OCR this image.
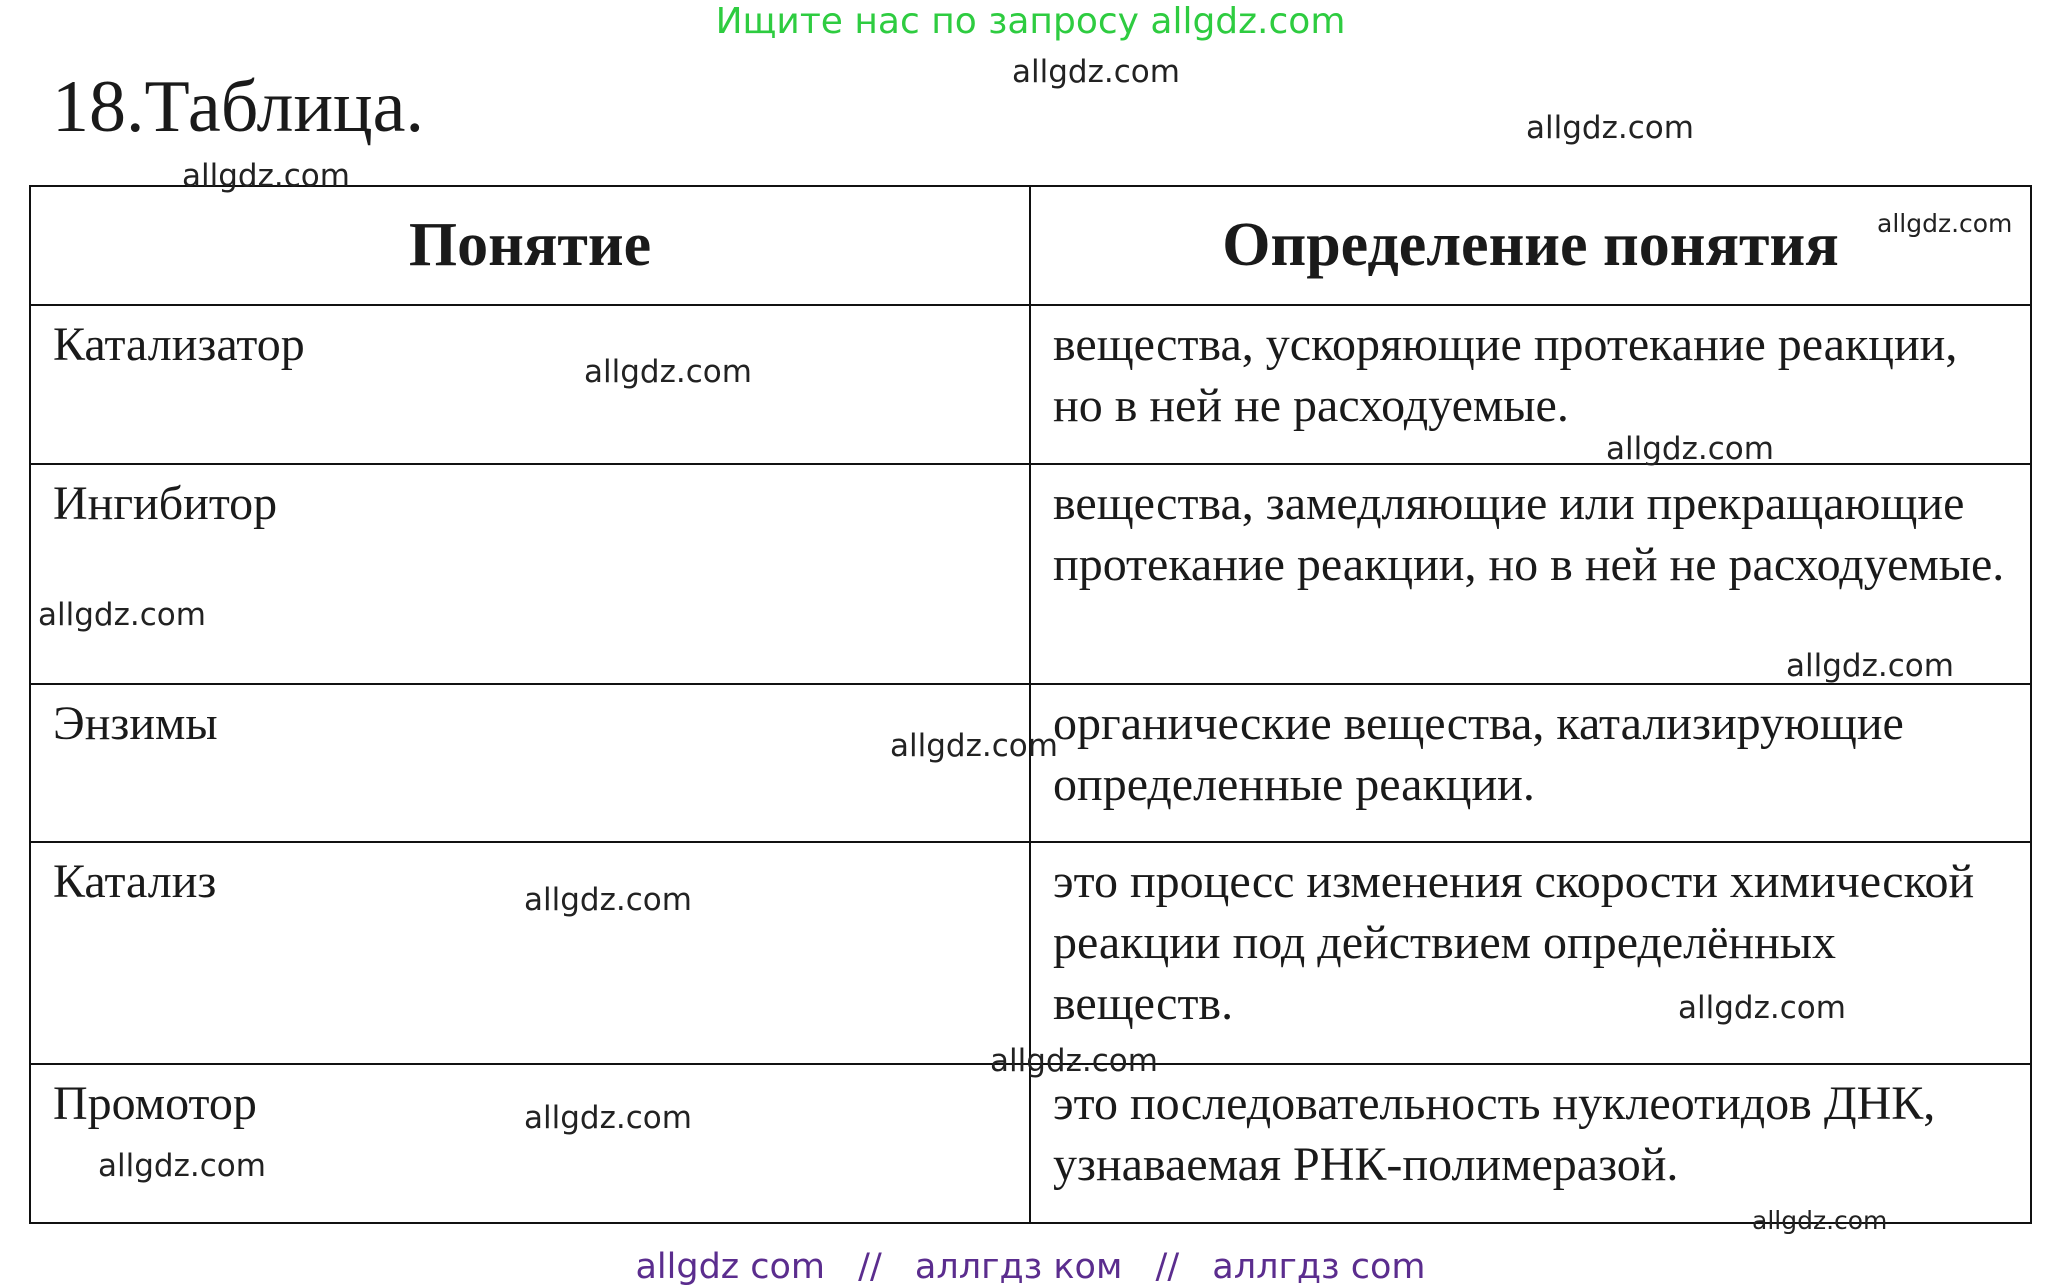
Ищите нас по запросу allgdz.com
18.Таблица.
Понятие	Определение понятия
Катализатор	вещества, ускоряющие протекание реакции, но в ней не расходуемые.
Ингибитор	вещества, замедляющие или прекращающие протекание реакции, но в ней не расходуемые.
Энзимы	органические вещества, катализирующие определенные реакции.
Катализ	это процесс изменения скорости химической реакции под действием определённых веществ.
Промотор	это последовательность нуклеотидов ДНК, узнаваемая РНК-полимеразой.
allgdz.com
allgdz.com
allgdz.com
allgdz.com
allgdz.com
allgdz.com
allgdz.com
allgdz.com
allgdz.com
allgdz.com
allgdz.com
allgdz.com
allgdz.com
allgdz.com
allgdz.com
allgdz com // аллгдз ком // аллгдз com
